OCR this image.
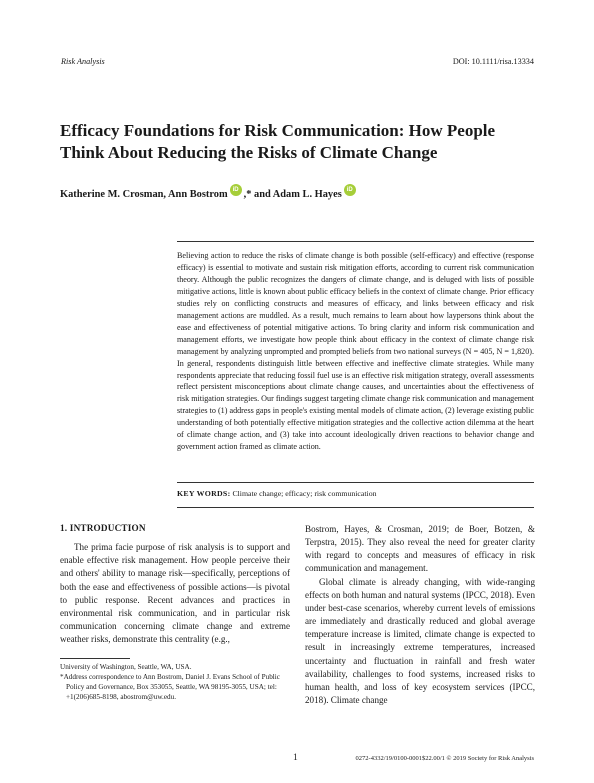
Risk Analysis	DOI: 10.1111/risa.13334
Efficacy Foundations for Risk Communication: How People Think About Reducing the Risks of Climate Change
Katherine M. Crosman, Ann Bostrom iD ,* and Adam L. Hayes iD

Believing action to reduce the risks of climate change is both possible (self-efficacy) and effective (response efficacy) is essential to motivate and sustain risk mitigation efforts, according to current risk communication theory. Although the public recognizes the dangers of climate change, and is deluged with lists of possible mitigative actions, little is known about public efficacy beliefs in the context of climate change. Prior efficacy studies rely on conflicting constructs and measures of efficacy, and links between efficacy and risk management actions are muddled. As a result, much remains to learn about how laypersons think about the ease and effectiveness of potential mitigative actions. To bring clarity and inform risk communication and management efforts, we investigate how people think about efficacy in the context of climate change risk management by analyzing unprompted and prompted beliefs from two national surveys (N = 405, N = 1,820). In general, respondents distinguish little between effective and ineffective climate strategies. While many respondents appreciate that reducing fossil fuel use is an effective risk mitigation strategy, overall assessments reflect persistent misconceptions about climate change causes, and uncertainties about the effectiveness of risk mitigation strategies. Our findings suggest targeting climate change risk communication and management strategies to (1) address gaps in people's existing mental models of climate action, (2) leverage existing public understanding of both potentially effective mitigation strategies and the collective action dilemma at the heart of climate change action, and (3) take into account ideologically driven reactions to behavior change and government action framed as climate action.

KEY WORDS: Climate change; efficacy; risk communication
1. INTRODUCTION

The prima facie purpose of risk analysis is to support and enable effective risk management. How people perceive their and others' ability to manage risk—specifically, perceptions of both the ease and effectiveness of possible actions—is pivotal to public response. Recent advances and practices in environmental risk communication, and in particular risk communication concerning climate change and extreme weather risks, demonstrate this centrality (e.g.,

Bostrom, Hayes, & Crosman, 2019; de Boer, Botzen, & Terpstra, 2015). They also reveal the need for greater clarity with regard to concepts and measures of efficacy in risk communication and management.

Global climate is already changing, with wide-ranging effects on both human and natural systems (IPCC, 2018). Even under best-case scenarios, whereby current levels of emissions are immediately and drastically reduced and global average temperature increase is limited, climate change is expected to result in increasingly extreme temperatures, increased uncertainty and fluctuation in rainfall and fresh water availability, challenges to food systems, increased risks to human health, and loss of key ecosystem services (IPCC, 2018). Climate change

University of Washington, Seattle, WA, USA.

*Address correspondence to Ann Bostrom, Daniel J. Evans School of Public Policy and Governance, Box 353055, Seattle, WA 98195-3055, USA; tel: +1(206)685-8198, abostrom@uw.edu.

1	0272-4332/19/0100-0001$22.00/1 © 2019 Society for Risk Analysis
